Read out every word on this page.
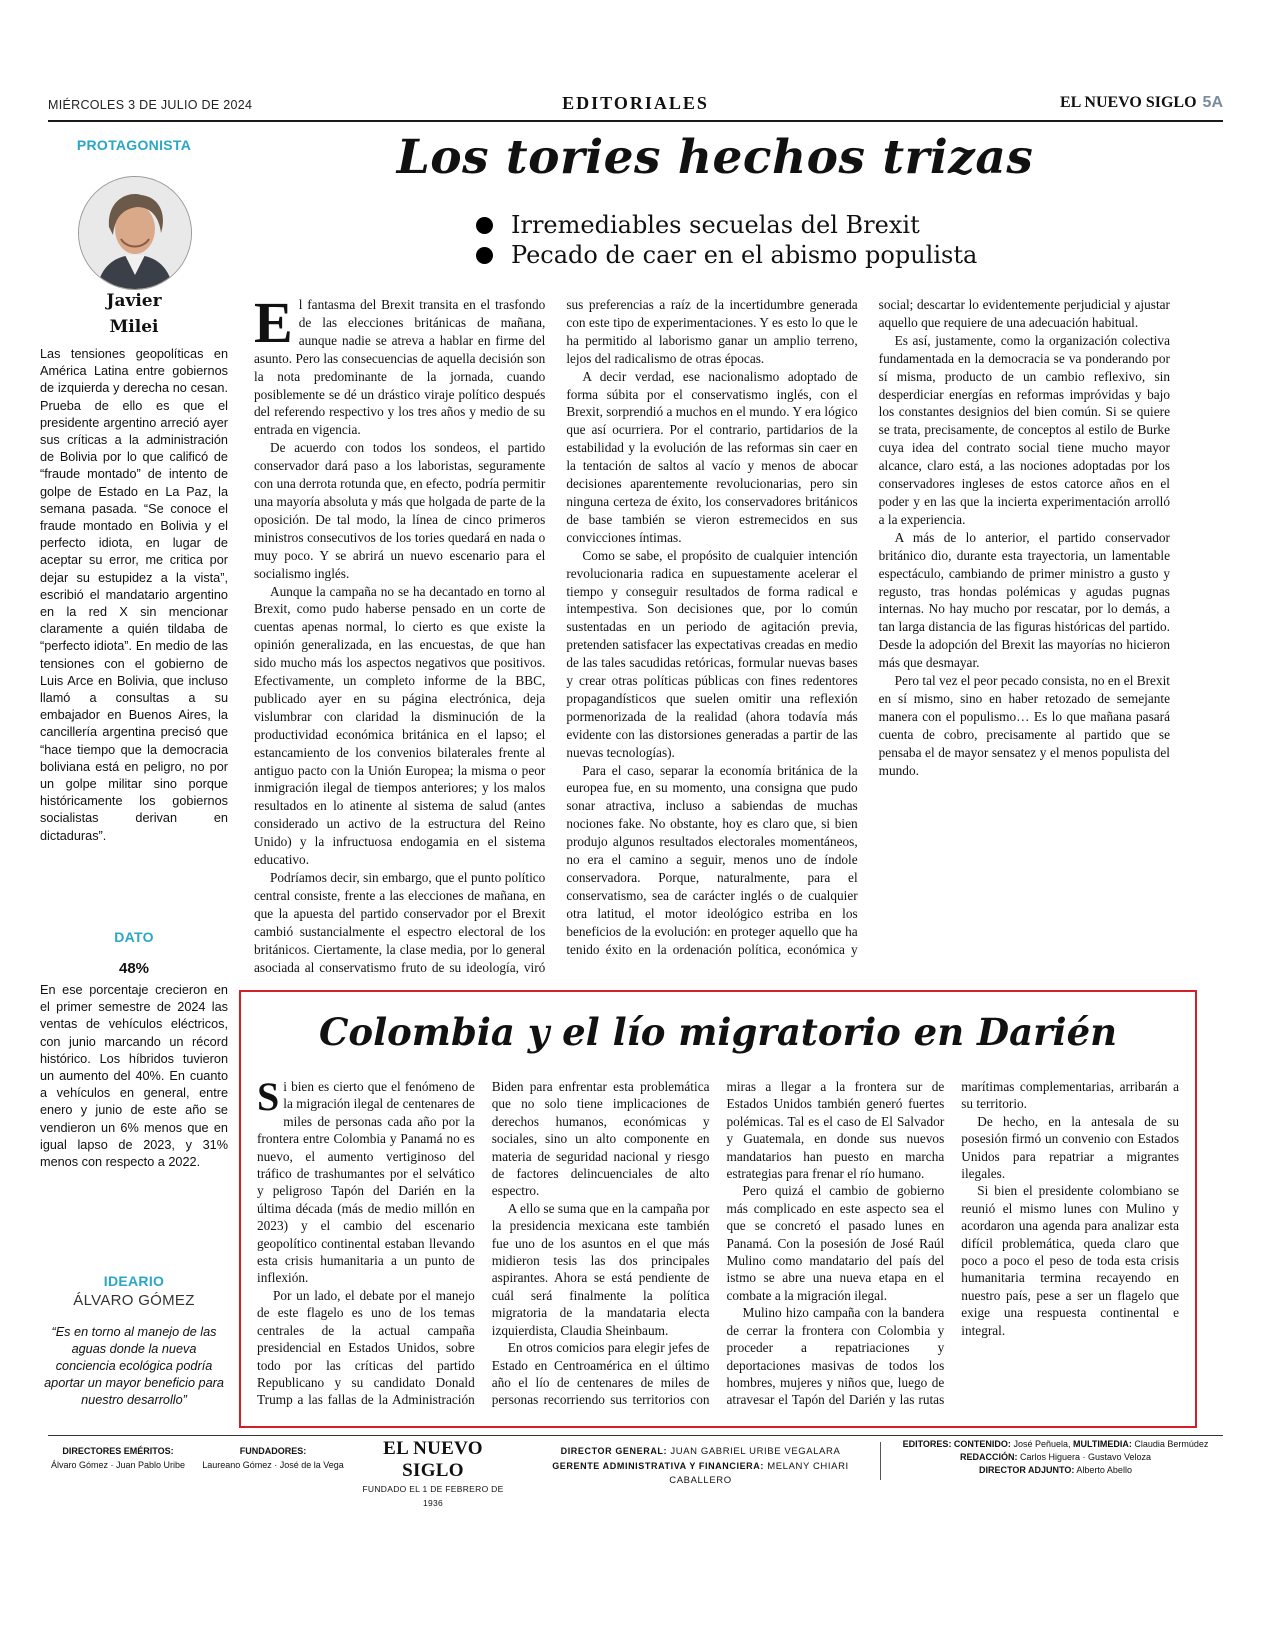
MIÉRCOLES 3 DE JULIO DE 2024	EDITORIALES	EL NUEVO SIGLO 5A
PROTAGONISTA
Javier
Milei
Las tensiones geopolíticas en América Latina entre gobiernos de izquierda y derecha no cesan. Prueba de ello es que el presidente argentino arreció ayer sus críticas a la administración de Bolivia por lo que calificó de “fraude montado” de intento de golpe de Estado en La Paz, la semana pasada. “Se conoce el fraude montado en Bolivia y el perfecto idiota, en lugar de aceptar su error, me critica por dejar su estupidez a la vista”, escribió el mandatario argentino en la red X sin mencionar claramente a quién tildaba de “perfecto idiota”. En medio de las tensiones con el gobierno de Luis Arce en Bolivia, que incluso llamó a consultas a su embajador en Buenos Aires, la cancillería argentina precisó que “hace tiempo que la democracia boliviana está en peligro, no por un golpe militar sino porque históricamente los gobiernos socialistas derivan en dictaduras”.
DATO
48%
En ese porcentaje crecieron en el primer semestre de 2024 las ventas de vehículos eléctricos, con junio marcando un récord histórico. Los híbridos tuvieron un aumento del 40%. En cuanto a vehículos en general, entre enero y junio de este año se vendieron un 6% menos que en igual lapso de 2023, y 31% menos con respecto a 2022.
IDEARIO
ÁLVARO GÓMEZ
“Es en torno al manejo de las aguas donde la nueva conciencia ecológica podría aportar un mayor beneficio para nuestro desarrollo”
Los tories hechos trizas
Irremediables secuelas del Brexit
Pecado de caer en el abismo populista

El fantasma del Brexit transita en el trasfondo de las elecciones británicas de mañana, aunque nadie se atreva a hablar en firme del asunto. Pero las consecuencias de aquella decisión son la nota predominante de la jornada, cuando posiblemente se dé un drástico viraje político después del referendo respectivo y los tres años y medio de su entrada en vigencia.

De acuerdo con todos los sondeos, el partido conservador dará paso a los laboristas, seguramente con una derrota rotunda que, en efecto, podría permitir una mayoría absoluta y más que holgada de parte de la oposición. De tal modo, la línea de cinco primeros ministros consecutivos de los tories quedará en nada o muy poco. Y se abrirá un nuevo escenario para el socialismo inglés.

Aunque la campaña no se ha decantado en torno al Brexit, como pudo haberse pensado en un corte de cuentas apenas normal, lo cierto es que existe la opinión generalizada, en las encuestas, de que han sido mucho más los aspectos negativos que positivos. Efectivamente, un completo informe de la BBC, publicado ayer en su página electrónica, deja vislumbrar con claridad la disminución de la productividad económica británica en el lapso; el estancamiento de los convenios bilaterales frente al antiguo pacto con la Unión Europea; la misma o peor inmigración ilegal de tiempos anteriores; y los malos resultados en lo atinente al sistema de salud (antes considerado un activo de la estructura del Reino Unido) y la infructuosa endogamia en el sistema educativo.

Podríamos decir, sin embargo, que el punto político central consiste, frente a las elecciones de mañana, en que la apuesta del partido conservador por el Brexit cambió sustancialmente el espectro electoral de los británicos. Ciertamente, la clase media, por lo general asociada al conservatismo fruto de su ideología, viró sus preferencias a raíz de la incertidumbre generada con este tipo de experimentaciones. Y es esto lo que le ha permitido al laborismo ganar un amplio terreno, lejos del radicalismo de otras épocas.

A decir verdad, ese nacionalismo adoptado de forma súbita por el conservatismo inglés, con el Brexit, sorprendió a muchos en el mundo. Y era lógico que así ocurriera. Por el contrario, partidarios de la estabilidad y la evolución de las reformas sin caer en la tentación de saltos al vacío y menos de abocar decisiones aparentemente revolucionarias, pero sin ninguna certeza de éxito, los conservadores británicos de base también se vieron estremecidos en sus convicciones íntimas.

Como se sabe, el propósito de cualquier intención revolucionaria radica en supuestamente acelerar el tiempo y conseguir resultados de forma radical e intempestiva. Son decisiones que, por lo común sustentadas en un periodo de agitación previa, pretenden satisfacer las expectativas creadas en medio de las tales sacudidas retóricas, formular nuevas bases y crear otras políticas públicas con fines redentores propagandísticos que suelen omitir una reflexión pormenorizada de la realidad (ahora todavía más evidente con las distorsiones generadas a partir de las nuevas tecnologías).

Para el caso, separar la economía británica de la europea fue, en su momento, una consigna que pudo sonar atractiva, incluso a sabiendas de muchas nociones fake. No obstante, hoy es claro que, si bien produjo algunos resultados electorales momentáneos, no era el camino a seguir, menos uno de índole conservadora. Porque, naturalmente, para el conservatismo, sea de carácter inglés o de cualquier otra latitud, el motor ideológico estriba en los beneficios de la evolución: en proteger aquello que ha tenido éxito en la ordenación política, económica y social; descartar lo evidentemente perjudicial y ajustar aquello que requiere de una adecuación habitual.

Es así, justamente, como la organización colectiva fundamentada en la democracia se va ponderando por sí misma, producto de un cambio reflexivo, sin desperdiciar energías en reformas impróvidas y bajo los constantes designios del bien común. Si se quiere se trata, precisamente, de conceptos al estilo de Burke cuya idea del contrato social tiene mucho mayor alcance, claro está, a las nociones adoptadas por los conservadores ingleses de estos catorce años en el poder y en las que la incierta experimentación arrolló a la experiencia.

A más de lo anterior, el partido conservador británico dio, durante esta trayectoria, un lamentable espectáculo, cambiando de primer ministro a gusto y regusto, tras hondas polémicas y agudas pugnas internas. No hay mucho por rescatar, por lo demás, a tan larga distancia de las figuras históricas del partido. Desde la adopción del Brexit las mayorías no hicieron más que desmayar.

Pero tal vez el peor pecado consista, no en el Brexit en sí mismo, sino en haber retozado de semejante manera con el populismo… Es lo que mañana pasará cuenta de cobro, precisamente al partido que se pensaba el de mayor sensatez y el menos populista del mundo.

Colombia y el lío migratorio en Darién

Si bien es cierto que el fenómeno de la migración ilegal de centenares de miles de personas cada año por la frontera entre Colombia y Panamá no es nuevo, el aumento vertiginoso del tráfico de trashumantes por el selvático y peligroso Tapón del Darién en la última década (más de medio millón en 2023) y el cambio del escenario geopolítico continental estaban llevando esta crisis humanitaria a un punto de inflexión.

Por un lado, el debate por el manejo de este flagelo es uno de los temas centrales de la actual campaña presidencial en Estados Unidos, sobre todo por las críticas del partido Republicano y su candidato Donald Trump a las fallas de la Administración Biden para enfrentar esta problemática que no solo tiene implicaciones de derechos humanos, económicas y sociales, sino un alto componente en materia de seguridad nacional y riesgo de factores delincuenciales de alto espectro.

A ello se suma que en la campaña por la presidencia mexicana este también fue uno de los asuntos en el que más midieron tesis las dos principales aspirantes. Ahora se está pendiente de cuál será finalmente la política migratoria de la mandataria electa izquierdista, Claudia Sheinbaum.

En otros comicios para elegir jefes de Estado en Centroamérica en el último año el lío de centenares de miles de personas recorriendo sus territorios con miras a llegar a la frontera sur de Estados Unidos también generó fuertes polémicas. Tal es el caso de El Salvador y Guatemala, en donde sus nuevos mandatarios han puesto en marcha estrategias para frenar el río humano.

Pero quizá el cambio de gobierno más complicado en este aspecto sea el que se concretó el pasado lunes en Panamá. Con la posesión de José Raúl Mulino como mandatario del país del istmo se abre una nueva etapa en el combate a la migración ilegal.

Mulino hizo campaña con la bandera de cerrar la frontera con Colombia y proceder a repatriaciones y deportaciones masivas de todos los hombres, mujeres y niños que, luego de atravesar el Tapón del Darién y las rutas marítimas complementarias, arribarán a su territorio.

De hecho, en la antesala de su posesión firmó un convenio con Estados Unidos para repatriar a migrantes ilegales.

Si bien el presidente colombiano se reunió el mismo lunes con Mulino y acordaron una agenda para analizar esta difícil problemática, queda claro que poco a poco el peso de toda esta crisis humanitaria termina recayendo en nuestro país, pese a ser un flagelo que exige una respuesta continental e integral.

DIRECTORES EMÉRITOS:
Álvaro Gómez · Juan Pablo Uribe
FUNDADORES:
Laureano Gómez · José de la Vega
EL NUEVO SIGLO
FUNDADO EL 1 DE FEBRERO DE 1936
DIRECTOR GENERAL: JUAN GABRIEL URIBE VEGALARA
GERENTE ADMINISTRATIVA Y FINANCIERA: MELANY CHIARI CABALLERO
EDITORES: CONTENIDO: José Peñuela, MULTIMEDIA: Claudia Bermúdez
REDACCIÓN: Carlos Higuera · Gustavo Veloza
DIRECTOR ADJUNTO: Alberto Abello
